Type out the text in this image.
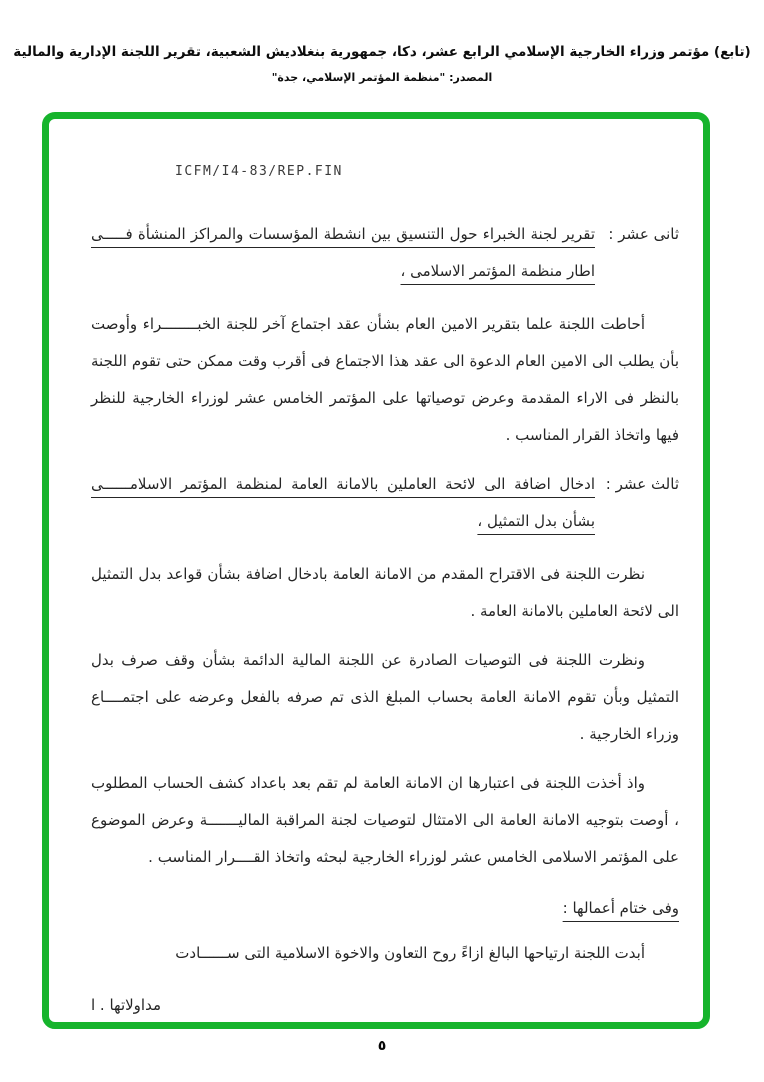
(تابع) مؤتمر وزراء الخارجية الإسلامي الرابع عشر، دكا، جمهورية بنغلاديش الشعبية، تقرير اللجنة الإدارية والمالية
المصدر: "منظمة المؤتمر الإسلامي، جدة"
ICFM/I4-83/REP.FIN
ثانى عشر :
تقرير لجنة الخبراء حول التنسيق بين انشطة المؤسسات والمراكز المنشأة فـــــى اطار منظمة المؤتمر الاسلامى ،

أحاطت اللجنة علما بتقرير الامين العام بشأن عقد اجتماع آخر للجنة الخبــــــــراء وأوصت بأن يطلب الى الامين العام الدعوة الى عقد هذا الاجتماع فى أقرب وقت ممكن حتى تقوم اللجنة بالنظر فى الاراء المقدمة وعرض توصياتها على المؤتمر الخامس عشر لوزراء الخارجية للنظر فيها واتخاذ القرار المناسب .

ثالث عشر :
ادخال اضافة الى لائحة العاملين بالامانة العامة لمنظمة المؤتمر الاسلامــــــى بشأن بدل التمثيل ،

نظرت اللجنة فى الاقتراح المقدم من الامانة العامة بادخال اضافة بشأن قواعد بدل التمثيل الى لائحة العاملين بالامانة العامة .

ونظرت اللجنة فى التوصيات الصادرة عن اللجنة المالية الدائمة بشأن وقف صرف بدل التمثيل وبأن تقوم الامانة العامة بحساب المبلغ الذى تم صرفه بالفعل وعرضه على اجتمــــاع وزراء الخارجية .

واذ أخذت اللجنة فى اعتبارها ان الامانة العامة لم تقم بعد باعداد كشف الحساب المطلوب ، أوصت بتوجيه الامانة العامة الى الامتثال لتوصيات لجنة المراقبة الماليـــــــة وعرض الموضوع على المؤتمر الاسلامى الخامس عشر لوزراء الخارجية لبحثه واتخاذ القــــرار المناسب .

وفى ختام أعمالها :

أبدت اللجنة ارتياحها البالغ ازاءً روح التعاون والاخوة الاسلامية التى ســــــادت

مداولاتها . ا

٥
